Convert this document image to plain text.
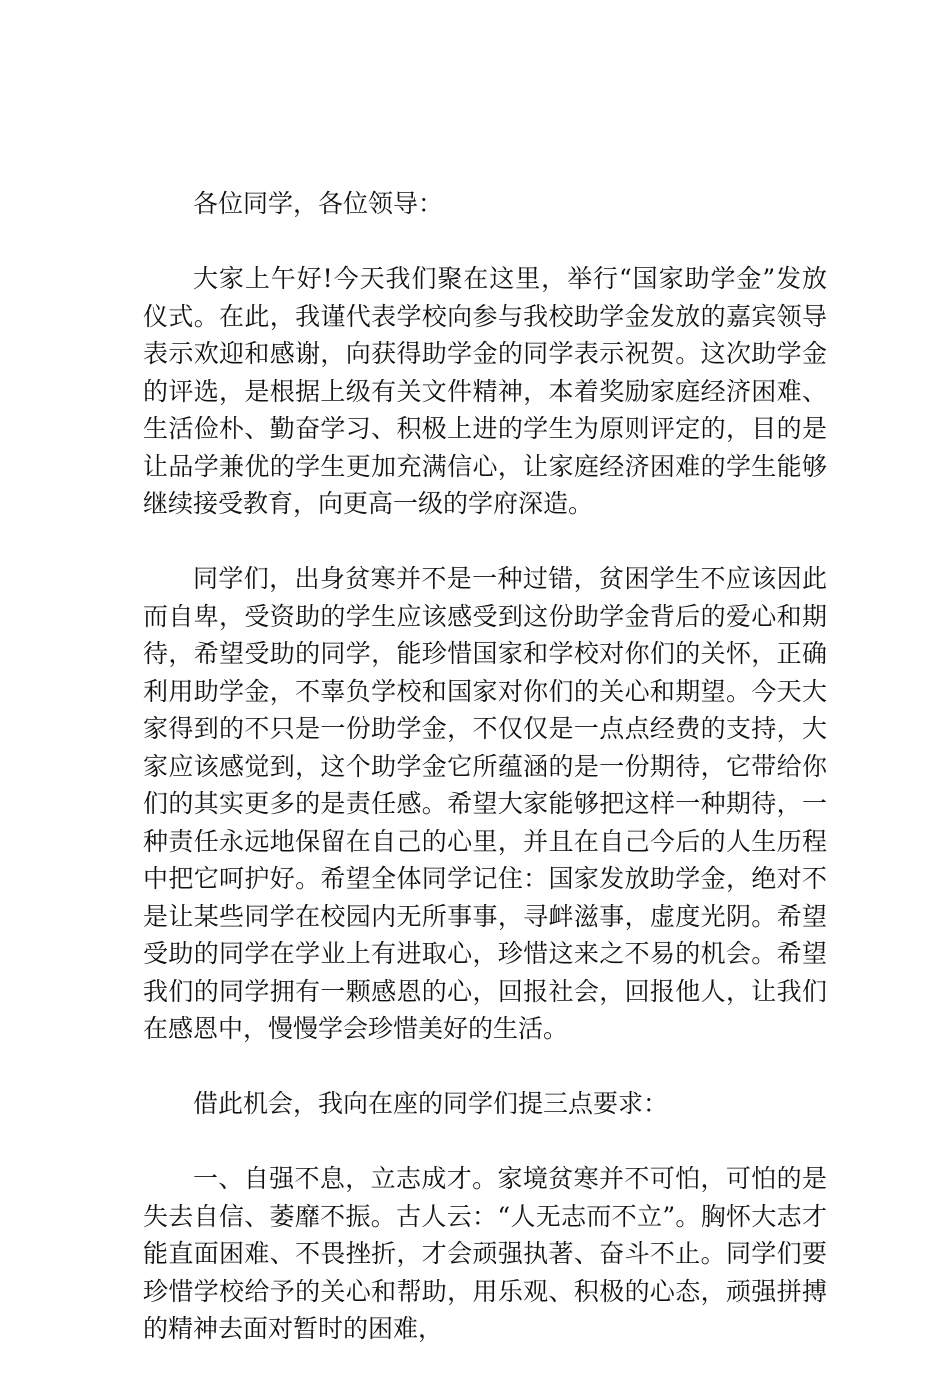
各位同学，各位领导：

大家上午好!今天我们聚在这里，举行“国家助学金”发放仪式。在此，我谨代表学校向参与我校助学金发放的嘉宾领导表示欢迎和感谢，向获得助学金的同学表示祝贺。这次助学金的评选，是根据上级有关文件精神，本着奖励家庭经济困难、生活俭朴、勤奋学习、积极上进的学生为原则评定的，目的是让品学兼优的学生更加充满信心，让家庭经济困难的学生能够继续接受教育，向更高一级的学府深造。

同学们，出身贫寒并不是一种过错，贫困学生不应该因此而自卑，受资助的学生应该感受到这份助学金背后的爱心和期待，希望受助的同学，能珍惜国家和学校对你们的关怀，正确利用助学金，不辜负学校和国家对你们的关心和期望。今天大家得到的不只是一份助学金，不仅仅是一点点经费的支持，大家应该感觉到，这个助学金它所蕴涵的是一份期待，它带给你们的其实更多的是责任感。希望大家能够把这样一种期待，一种责任永远地保留在自己的心里，并且在自己今后的人生历程中把它呵护好。希望全体同学记住：国家发放助学金，绝对不是让某些同学在校园内无所事事，寻衅滋事，虚度光阴。希望受助的同学在学业上有进取心，珍惜这来之不易的机会。希望我们的同学拥有一颗感恩的心，回报社会，回报他人，让我们在感恩中，慢慢学会珍惜美好的生活。

借此机会，我向在座的同学们提三点要求：

一、自强不息，立志成才。家境贫寒并不可怕，可怕的是失去自信、萎靡不振。古人云：“人无志而不立”。胸怀大志才能直面困难、不畏挫折，才会顽强执著、奋斗不止。同学们要珍惜学校给予的关心和帮助，用乐观、积极的心态，顽强拼搏的精神去面对暂时的困难，
